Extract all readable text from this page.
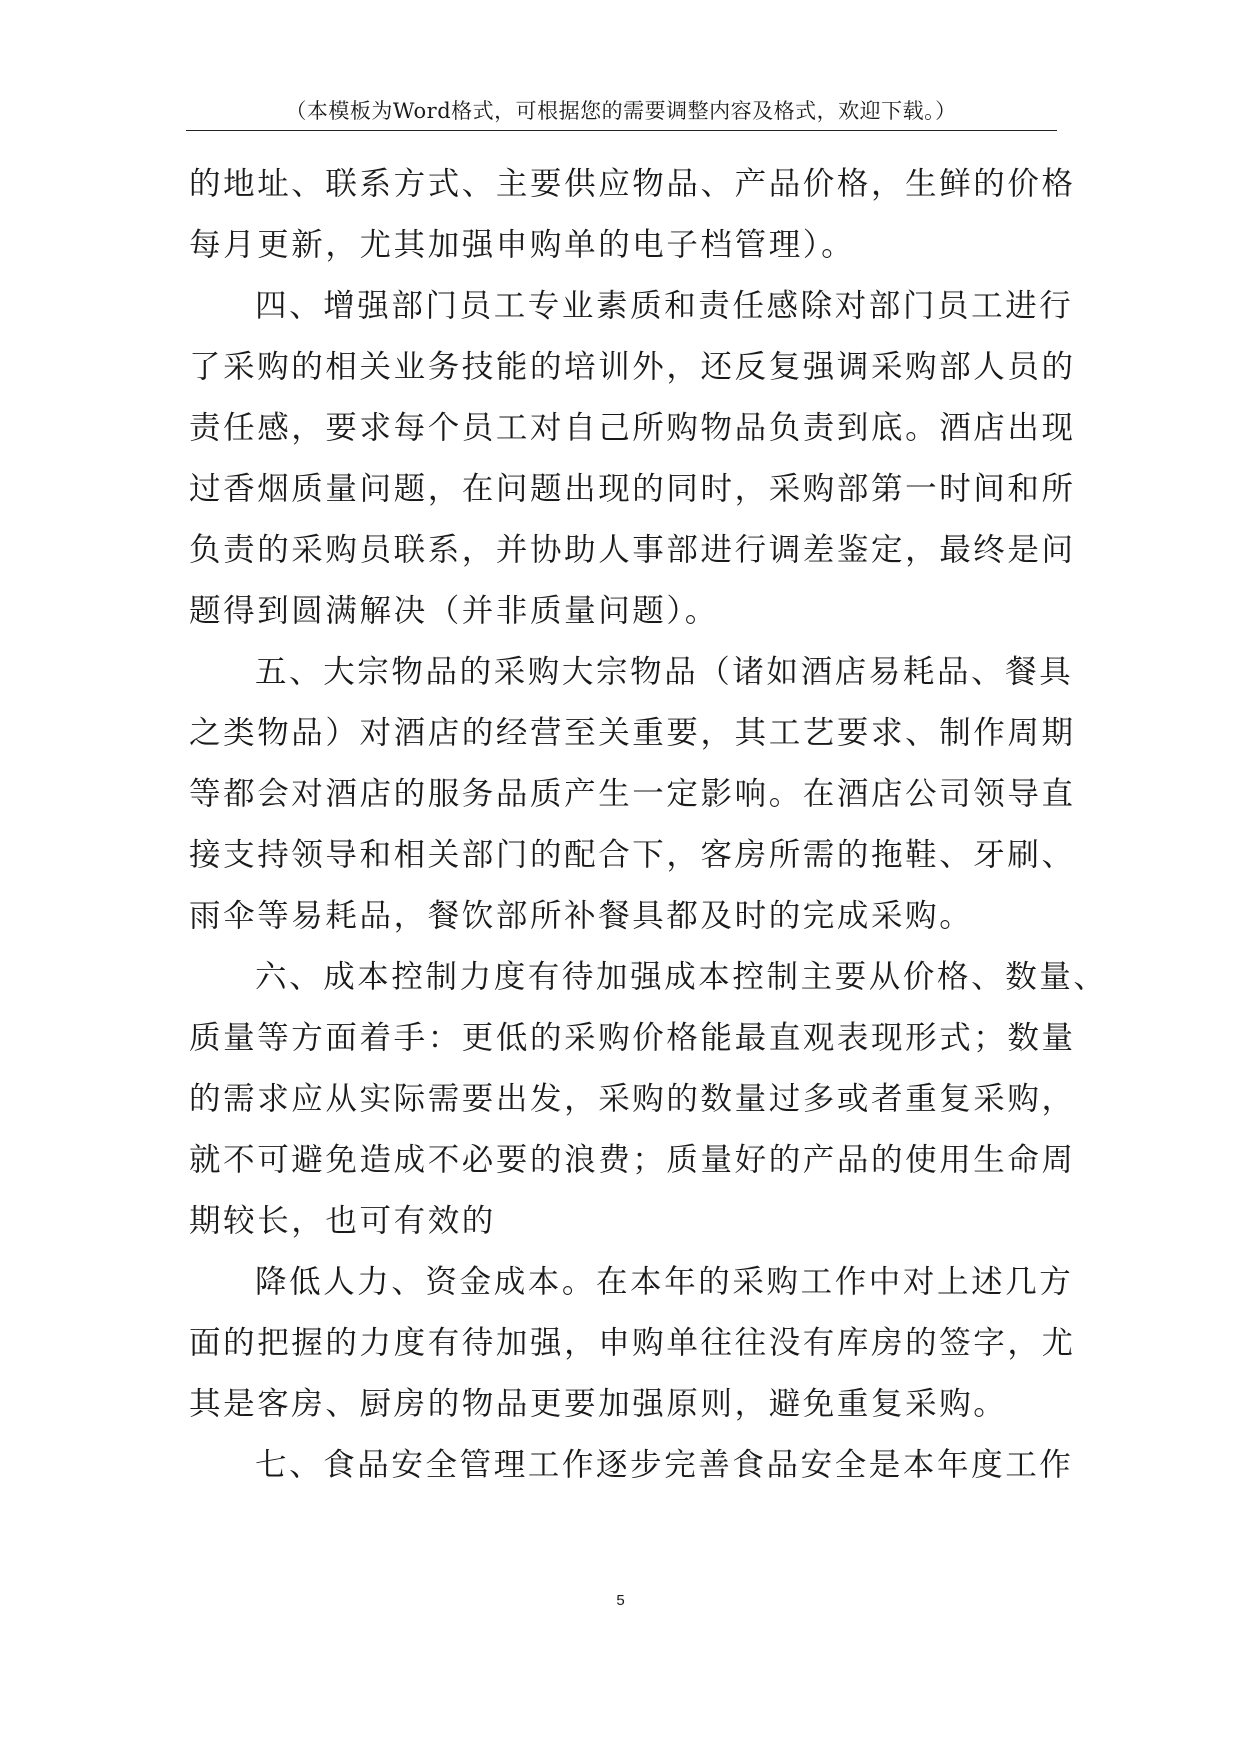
（本模板为Word格式，可根据您的需要调整内容及格式，欢迎下载。）
的地址、联系方式、主要供应物品、产品价格，生鲜的价格
每月更新，尤其加强申购单的电子档管理）。
四、增强部门员工专业素质和责任感除对部门员工进行
了采购的相关业务技能的培训外，还反复强调采购部人员的
责任感，要求每个员工对自己所购物品负责到底。酒店出现
过香烟质量问题，在问题出现的同时，采购部第一时间和所
负责的采购员联系，并协助人事部进行调差鉴定，最终是问
题得到圆满解决（并非质量问题）。
五、大宗物品的采购大宗物品（诸如酒店易耗品、餐具
之类物品）对酒店的经营至关重要，其工艺要求、制作周期
等都会对酒店的服务品质产生一定影响。在酒店公司领导直
接支持领导和相关部门的配合下，客房所需的拖鞋、牙刷、
雨伞等易耗品，餐饮部所补餐具都及时的完成采购。
六、成本控制力度有待加强成本控制主要从价格、数量、
质量等方面着手：更低的采购价格能最直观表现形式；数量
的需求应从实际需要出发，采购的数量过多或者重复采购，
就不可避免造成不必要的浪费；质量好的产品的使用生命周
期较长，也可有效的
降低人力、资金成本。在本年的采购工作中对上述几方
面的把握的力度有待加强，申购单往往没有库房的签字，尤
其是客房、厨房的物品更要加强原则，避免重复采购。
七、食品安全管理工作逐步完善食品安全是本年度工作
5
